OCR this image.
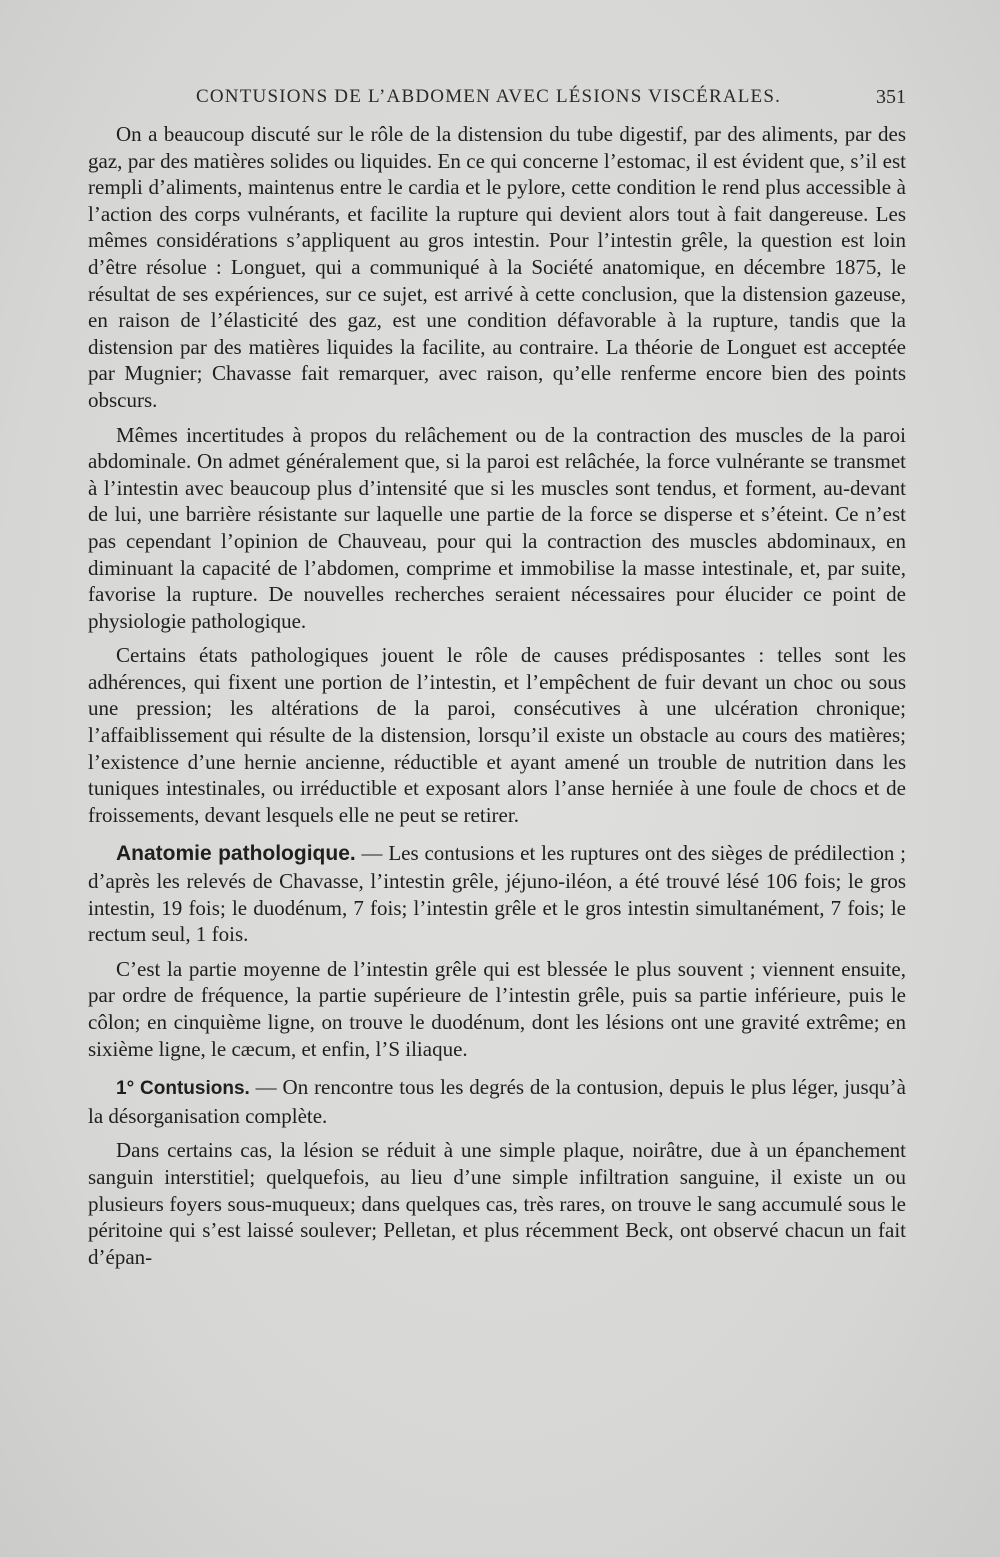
CONTUSIONS DE L’ABDOMEN AVEC LÉSIONS VISCÉRALES.	351

On a beaucoup discuté sur le rôle de la distension du tube digestif, par des aliments, par des gaz, par des matières solides ou liquides. En ce qui concerne l’estomac, il est évident que, s’il est rempli d’aliments, maintenus entre le cardia et le pylore, cette condition le rend plus accessible à l’action des corps vulnérants, et facilite la rupture qui devient alors tout à fait dangereuse. Les mêmes considérations s’appliquent au gros intestin. Pour l’intestin grêle, la question est loin d’être résolue : Longuet, qui a communiqué à la Société anatomique, en décembre 1875, le résultat de ses expériences, sur ce sujet, est arrivé à cette conclusion, que la distension gazeuse, en raison de l’élasticité des gaz, est une condition défavorable à la rupture, tandis que la distension par des matières liquides la facilite, au contraire. La théorie de Longuet est acceptée par Mugnier; Chavasse fait remarquer, avec raison, qu’elle renferme encore bien des points obscurs.

Mêmes incertitudes à propos du relâchement ou de la contraction des muscles de la paroi abdominale. On admet généralement que, si la paroi est relâchée, la force vulnérante se transmet à l’intestin avec beaucoup plus d’intensité que si les muscles sont tendus, et forment, au-devant de lui, une barrière résistante sur laquelle une partie de la force se disperse et s’éteint. Ce n’est pas cependant l’opinion de Chauveau, pour qui la contraction des muscles abdominaux, en diminuant la capacité de l’abdomen, comprime et immobilise la masse intestinale, et, par suite, favorise la rupture. De nouvelles recherches seraient nécessaires pour élucider ce point de physiologie pathologique.

Certains états pathologiques jouent le rôle de causes prédisposantes : telles sont les adhérences, qui fixent une portion de l’intestin, et l’empêchent de fuir devant un choc ou sous une pression; les altérations de la paroi, consécutives à une ulcération chronique; l’affaiblissement qui résulte de la distension, lorsqu’il existe un obstacle au cours des matières; l’existence d’une hernie ancienne, réductible et ayant amené un trouble de nutrition dans les tuniques intestinales, ou irréductible et exposant alors l’anse herniée à une foule de chocs et de froissements, devant lesquels elle ne peut se retirer.

Anatomie pathologique. — Les contusions et les ruptures ont des sièges de prédilection ; d’après les relevés de Chavasse, l’intestin grêle, jéjuno-iléon, a été trouvé lésé 106 fois; le gros intestin, 19 fois; le duodénum, 7 fois; l’intestin grêle et le gros intestin simultanément, 7 fois; le rectum seul, 1 fois.

C’est la partie moyenne de l’intestin grêle qui est blessée le plus souvent ; viennent ensuite, par ordre de fréquence, la partie supérieure de l’intestin grêle, puis sa partie inférieure, puis le côlon; en cinquième ligne, on trouve le duodénum, dont les lésions ont une gravité extrême; en sixième ligne, le cæcum, et enfin, l’S iliaque.

1° Contusions. — On rencontre tous les degrés de la contusion, depuis le plus léger, jusqu’à la désorganisation complète.

Dans certains cas, la lésion se réduit à une simple plaque, noirâtre, due à un épanchement sanguin interstitiel; quelquefois, au lieu d’une simple infiltration sanguine, il existe un ou plusieurs foyers sous-muqueux; dans quelques cas, très rares, on trouve le sang accumulé sous le péritoine qui s’est laissé soulever; Pelletan, et plus récemment Beck, ont observé chacun un fait d’épan-
